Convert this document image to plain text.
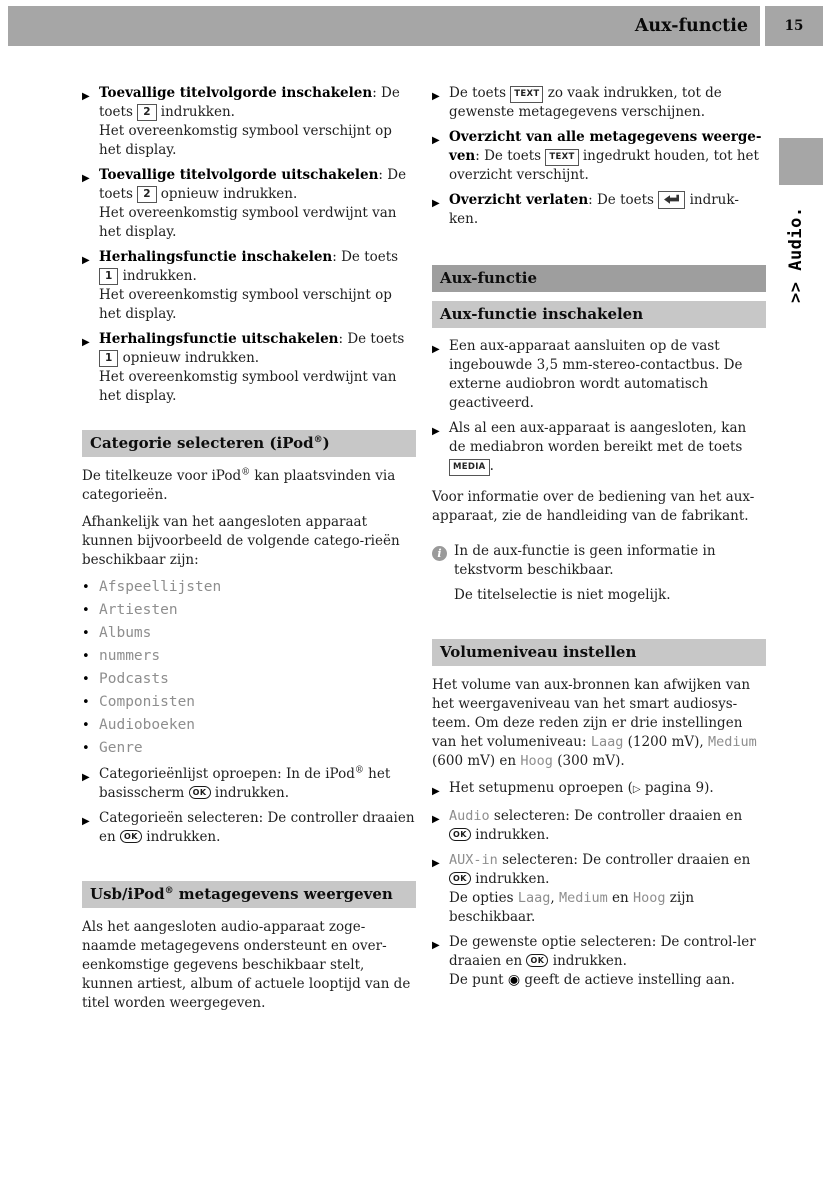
Aux-functie	15
>> Audio.
▶ Toevallige titelvolgorde inschakelen: De toets 2 indrukken.
Het overeenkomstig symbool verschijnt op het display.
▶ Toevallige titelvolgorde uitschakelen: De toets 2 opnieuw indrukken.
Het overeenkomstig symbool verdwijnt van het display.
▶ Herhalingsfunctie inschakelen: De toets 1 indrukken.
Het overeenkomstig symbool verschijnt op het display.
▶ Herhalingsfunctie uitschakelen: De toets 1 opnieuw indrukken.
Het overeenkomstig symbool verdwijnt van het display.
Categorie selecteren (iPod®)

De titelkeuze voor iPod® kan plaatsvinden via categorieën.

Afhankelijk van het aangesloten apparaat kunnen bijvoorbeeld de volgende catego-rieën beschikbaar zijn:

• Afspeellijsten
• Artiesten
• Albums
• nummers
• Podcasts
• Componisten
• Audioboeken
• Genre
▶ Categorieënlijst oproepen: In de iPod® het basisscherm OK indrukken.
▶ Categorieën selecteren: De controller draaien en OK indrukken.
Usb/iPod® metagegevens weergeven

Als het aangesloten audio-apparaat zoge-naamde metagegevens ondersteunt en over-eenkomstige gegevens beschikbaar stelt, kunnen artiest, album of actuele looptijd van de titel worden weergegeven.

▶ De toets TEXT zo vaak indrukken, tot de gewenste metagegevens verschijnen.
▶ Overzicht van alle metagegevens weerge-ven: De toets TEXT ingedrukt houden, tot het overzicht verschijnt.
▶ Overzicht verlaten: De toets  indruk-ken.
Aux-functie
Aux-functie inschakelen
▶ Een aux-apparaat aansluiten op de vast ingebouwde 3,5 mm-stereo-contactbus. De externe audiobron wordt automatisch geactiveerd.
▶ Als al een aux-apparaat is aangesloten, kan de mediabron worden bereikt met de toets MEDIA .

Voor informatie over de bediening van het aux-apparaat, zie de handleiding van de fabrikant.

i In de aux-functie is geen informatie in tekstvorm beschikbaar.

De titelselectie is niet mogelijk.

Volumeniveau instellen

Het volume van aux-bronnen kan afwijken van het weergaveniveau van het smart audiosys-teem. Om deze reden zijn er drie instellingen van het volumeniveau: Laag (1200 mV), Medium (600 mV) en Hoog (300 mV).

▶ Het setupmenu oproepen (▷ pagina 9).
▶ Audio selecteren: De controller draaien en OK indrukken.
▶ AUX-in selecteren: De controller draaien en OK indrukken.
De opties Laag, Medium en Hoog zijn beschikbaar.
▶ De gewenste optie selecteren: De control-ler draaien en OK indrukken.
De punt ◉ geeft de actieve instelling aan.
